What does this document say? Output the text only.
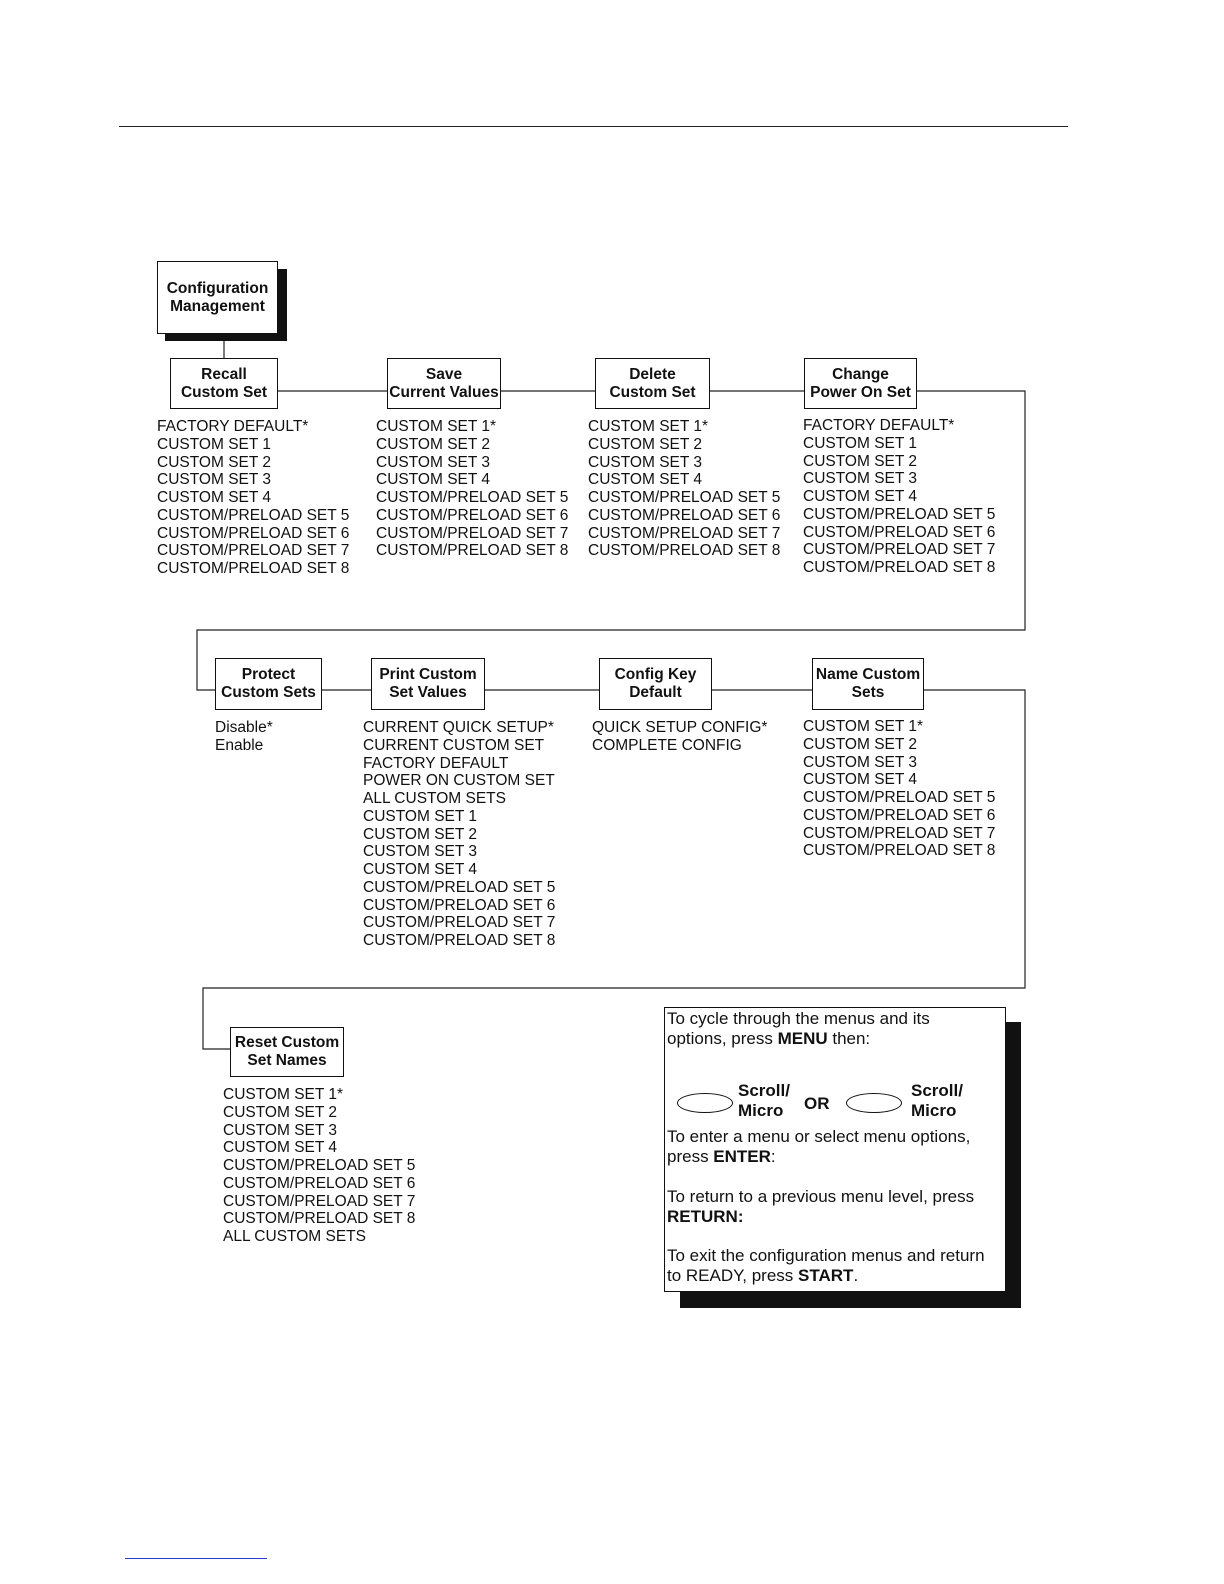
Configuration
Management
Recall
Custom Set
Save
Current Values
Delete
Custom Set
Change
Power On Set
FACTORY DEFAULT*
CUSTOM SET 1
CUSTOM SET 2
CUSTOM SET 3
CUSTOM SET 4
CUSTOM/PRELOAD SET 5
CUSTOM/PRELOAD SET 6
CUSTOM/PRELOAD SET 7
CUSTOM/PRELOAD SET 8
CUSTOM SET 1*
CUSTOM SET 2
CUSTOM SET 3
CUSTOM SET 4
CUSTOM/PRELOAD SET 5
CUSTOM/PRELOAD SET 6
CUSTOM/PRELOAD SET 7
CUSTOM/PRELOAD SET 8
CUSTOM SET 1*
CUSTOM SET 2
CUSTOM SET 3
CUSTOM SET 4
CUSTOM/PRELOAD SET 5
CUSTOM/PRELOAD SET 6
CUSTOM/PRELOAD SET 7
CUSTOM/PRELOAD SET 8
FACTORY DEFAULT*
CUSTOM SET 1
CUSTOM SET 2
CUSTOM SET 3
CUSTOM SET 4
CUSTOM/PRELOAD SET 5
CUSTOM/PRELOAD SET 6
CUSTOM/PRELOAD SET 7
CUSTOM/PRELOAD SET 8
Protect
Custom Sets
Print Custom
Set Values
Config Key
Default
Name Custom
Sets
Disable*
Enable
CURRENT QUICK SETUP*
CURRENT CUSTOM SET
FACTORY DEFAULT
POWER ON CUSTOM SET
ALL CUSTOM SETS
CUSTOM SET 1
CUSTOM SET 2
CUSTOM SET 3
CUSTOM SET 4
CUSTOM/PRELOAD SET 5
CUSTOM/PRELOAD SET 6
CUSTOM/PRELOAD SET 7
CUSTOM/PRELOAD SET 8
QUICK SETUP CONFIG*
COMPLETE CONFIG
CUSTOM SET 1*
CUSTOM SET 2
CUSTOM SET 3
CUSTOM SET 4
CUSTOM/PRELOAD SET 5
CUSTOM/PRELOAD SET 6
CUSTOM/PRELOAD SET 7
CUSTOM/PRELOAD SET 8
Reset Custom
Set Names
CUSTOM SET 1*
CUSTOM SET 2
CUSTOM SET 3
CUSTOM SET 4
CUSTOM/PRELOAD SET 5
CUSTOM/PRELOAD SET 6
CUSTOM/PRELOAD SET 7
CUSTOM/PRELOAD SET 8
ALL CUSTOM SETS
To cycle through the menus and its
options, press MENU then:
Scroll/
Micro	OR
Scroll/
Micro
To enter a menu or select menu options,
press ENTER:
To return to a previous menu level, press
RETURN:
To exit the configuration menus and return
to READY, press START.
